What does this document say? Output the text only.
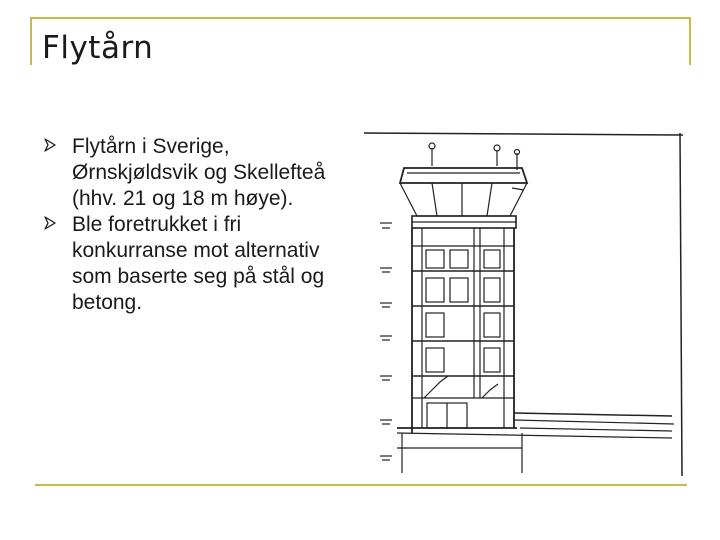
Flytårn
Flytårn i Sverige, Ørnskjøldsvik og Skellefteå (hhv. 21 og 18 m høye).
Ble foretrukket i fri konkurranse mot alternativ som baserte seg på stål og betong.
